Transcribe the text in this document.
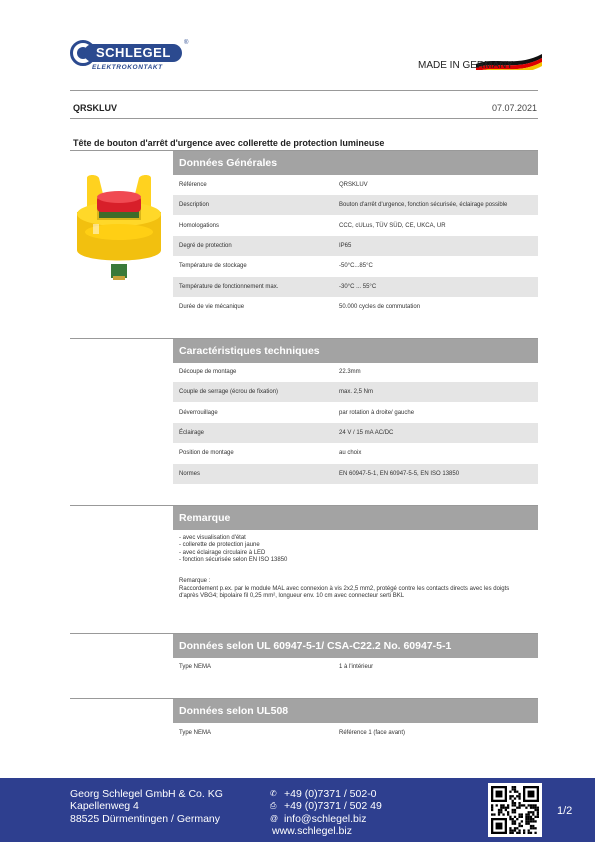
SCHLEGEL
®
ELEKTROKONTAKT	MADE IN GERMANY
QRSKLUV	07.07.2021
Tête de bouton d'arrêt d'urgence avec collerette de protection lumineuse
Données Générales
Référence	QRSKLUV
Description	Bouton d'arrêt d'urgence, fonction sécurisée, éclairage possible
Homologations	CCC, cULus, TÜV SÜD, CE, UKCA, UR
Degré de protection	IP65
Température de stockage	-50°C...85°C
Température de fonctionnement max.	-30°C ... 55°C
Durée de vie mécanique	50.000 cycles de commutation
Caractéristiques techniques
Découpe de montage	22.3mm
Couple de serrage (écrou de fixation)	max. 2,5 Nm
Déverrouillage	par rotation à droite/ gauche
Éclairage	24 V / 15 mA AC/DC
Position de montage	au choix
Normes	EN 60947-5-1, EN 60947-5-5, EN ISO 13850
Remarque
- avec visualisation d'état
- collerette de protection jaune
- avec éclairage circulaire à LED
- fonction sécurisée selon EN ISO 13850
Remarque :
Raccordement p.ex. par le module MAL avec connexion à vis 2x2,5 mm2, protégé contre les contacts directs avec les doigts d'après VBG4; bipolaire fil 0,25 mm², longueur env. 10 cm avec connecteur serti BKL
Données selon UL 60947-5-1/ CSA-C22.2 No. 60947-5-1
Type NEMA	1 à l'intérieur
Données selon UL508
Type NEMA	Référence 1 (face avant)
Georg Schlegel GmbH & Co. KG
Kapellenweg 4
88525 Dürmentingen / Germany
✆ +49 (0)7371 / 502-0
⎙ +49 (0)7371 / 502 49
@ info@schlegel.biz
www.schlegel.biz
1/2
